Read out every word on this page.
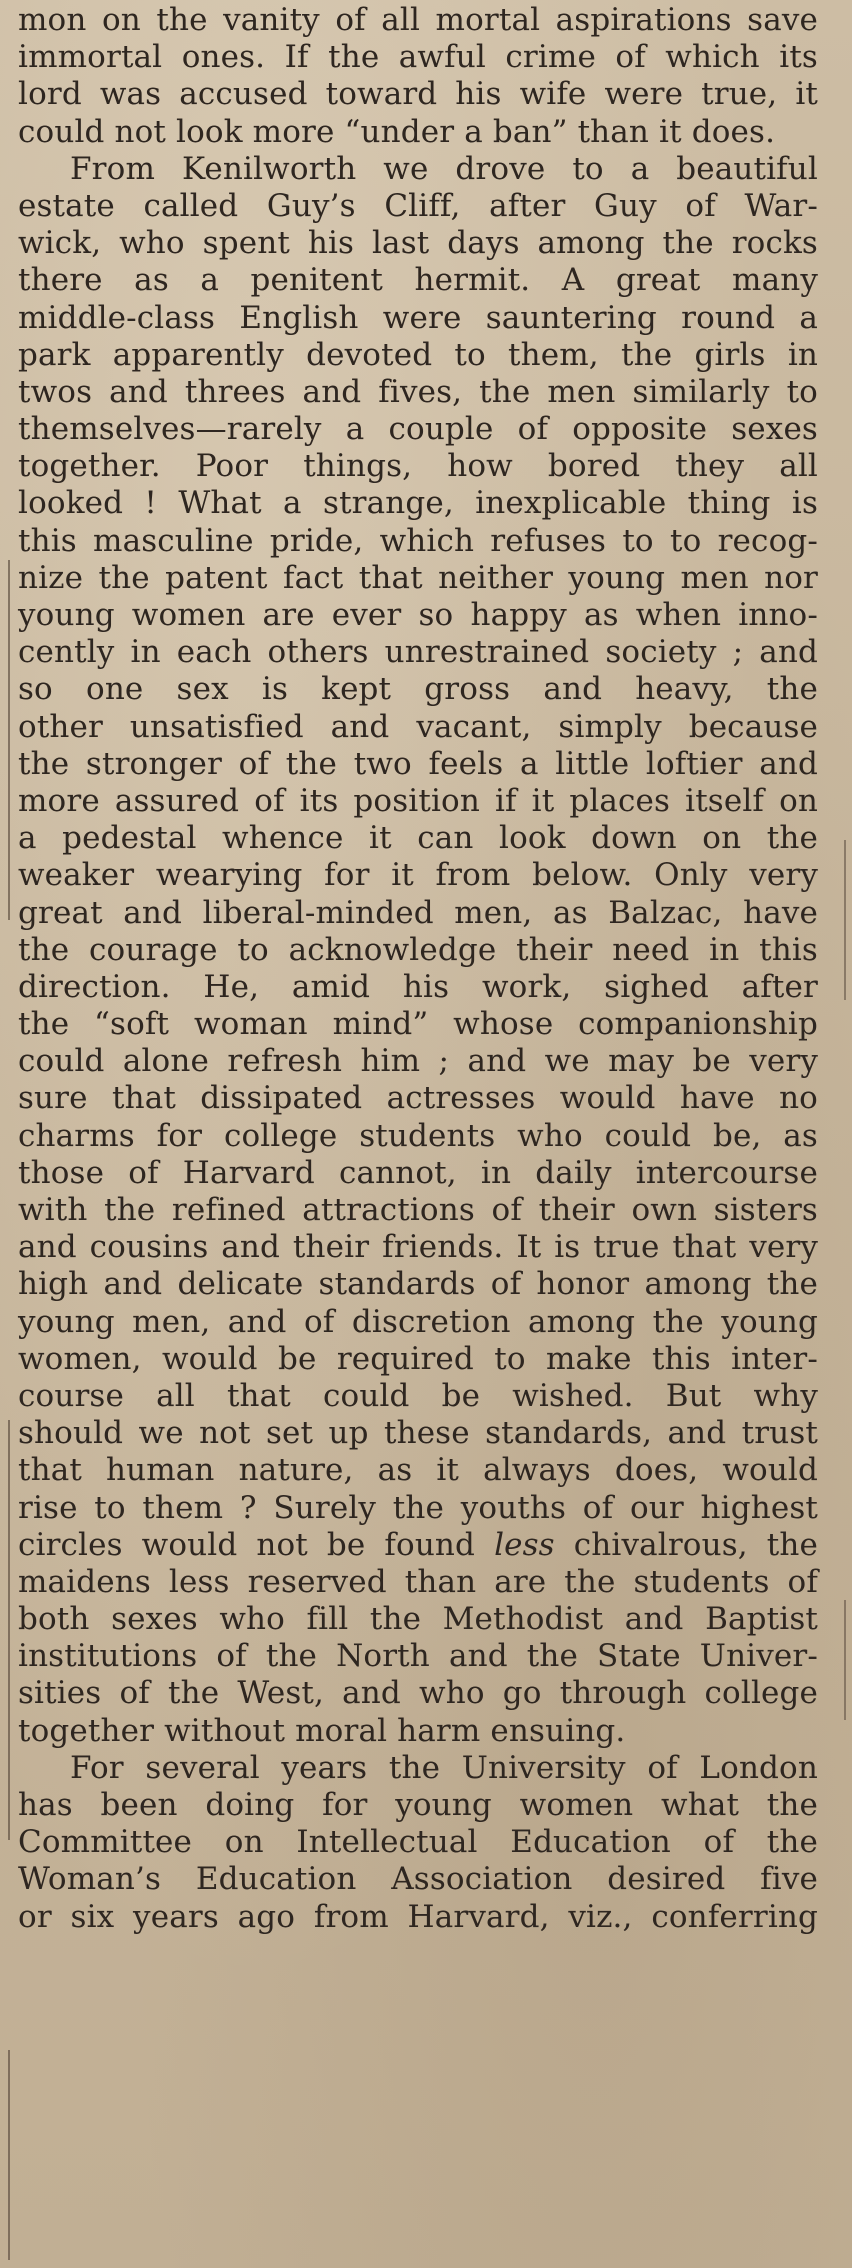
mon on the vanity of all mortal aspirations save
immortal ones. If the awful crime of which its
lord was accused toward his wife were true, it
could not look more “under a ban” than it does.
From Kenilworth we drove to a beautiful
estate called Guy’s Cliff, after Guy of War-
wick, who spent his last days among the rocks
there as a penitent hermit. A great many
middle-class English were sauntering round a
park apparently devoted to them, the girls in
twos and threes and fives, the men similarly to
themselves—rarely a couple of opposite sexes
together. Poor things, how bored they all
looked ! What a strange, inexplicable thing is
this masculine pride, which refuses to to recog-
nize the patent fact that neither young men nor
young women are ever so happy as when inno-
cently in each others unrestrained society ; and
so one sex is kept gross and heavy, the
other unsatisfied and vacant, simply because
the stronger of the two feels a little loftier and
more assured of its position if it places itself on
a pedestal whence it can look down on the
weaker wearying for it from below. Only very
great and liberal-minded men, as Balzac, have
the courage to acknowledge their need in this
direction. He, amid his work, sighed after
the “soft woman mind” whose companionship
could alone refresh him ; and we may be very
sure that dissipated actresses would have no
charms for college students who could be, as
those of Harvard cannot, in daily intercourse
with the refined attractions of their own sisters
and cousins and their friends. It is true that very
high and delicate standards of honor among the
young men, and of discretion among the young
women, would be required to make this inter-
course all that could be wished. But why
should we not set up these standards, and trust
that human nature, as it always does, would
rise to them ? Surely the youths of our highest
circles would not be found less chivalrous, the
maidens less reserved than are the students of
both sexes who fill the Methodist and Baptist
institutions of the North and the State Univer-
sities of the West, and who go through college
together without moral harm ensuing.
For several years the University of London
has been doing for young women what the
Committee on Intellectual Education of the
Woman’s Education Association desired five
or six years ago from Harvard, viz., conferring
